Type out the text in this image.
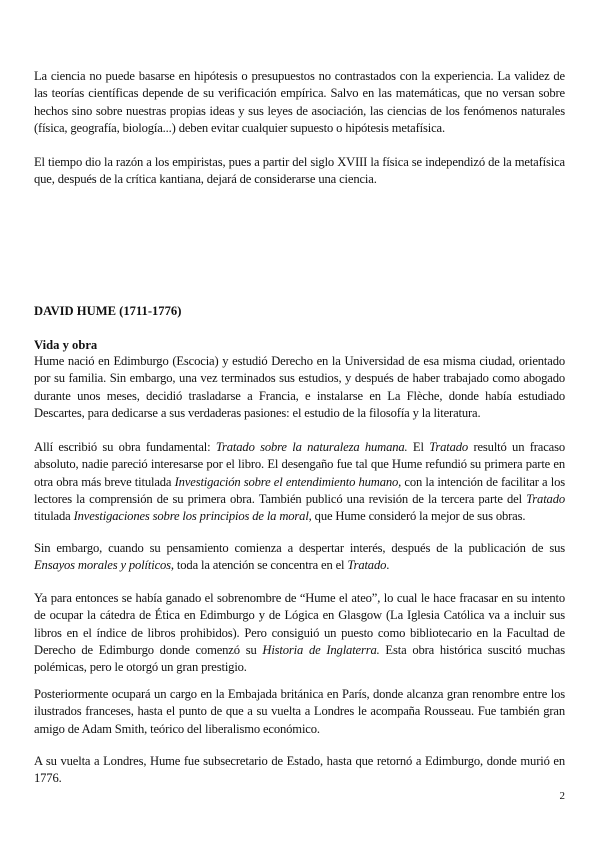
La ciencia no puede basarse en hipótesis o presupuestos no contrastados con la experiencia. La validez de las teorías científicas depende de su verificación empírica. Salvo en las matemáticas, que no versan sobre hechos sino sobre nuestras propias ideas y sus leyes de asociación, las ciencias de los fenómenos naturales (física, geografía, biología...) deben evitar cualquier supuesto o hipótesis metafísica.

El tiempo dio la razón a los empiristas, pues a partir del siglo XVIII la física se independizó de la metafísica que, después de la crítica kantiana, dejará de considerarse una ciencia.

DAVID HUME (1711-1776)

Vida y obra

Hume nació en Edimburgo (Escocia) y estudió Derecho en la Universidad de esa misma ciudad, orientado por su familia. Sin embargo, una vez terminados sus estudios, y después de haber trabajado como abogado durante unos meses, decidió trasladarse a Francia, e instalarse en La Flèche, donde había estudiado Descartes, para dedicarse a sus verdaderas pasiones: el estudio de la filosofía y la literatura.

Allí escribió su obra fundamental: Tratado sobre la naturaleza humana. El Tratado resultó un fracaso absoluto, nadie pareció interesarse por el libro. El desengaño fue tal que Hume refundió su primera parte en otra obra más breve titulada Investigación sobre el entendimiento humano, con la intención de facilitar a los lectores la comprensión de su primera obra. También publicó una revisión de la tercera parte del Tratado titulada Investigaciones sobre los principios de la moral, que Hume consideró la mejor de sus obras.

Sin embargo, cuando su pensamiento comienza a despertar interés, después de la publicación de sus Ensayos morales y políticos, toda la atención se concentra en el Tratado.

Ya para entonces se había ganado el sobrenombre de “Hume el ateo”, lo cual le hace fracasar en su intento de ocupar la cátedra de Ética en Edimburgo y de Lógica en Glasgow (La Iglesia Católica va a incluir sus libros en el índice de libros prohibidos). Pero consiguió un puesto como bibliotecario en la Facultad de Derecho de Edimburgo donde comenzó su Historia de Inglaterra. Esta obra histórica suscitó muchas polémicas, pero le otorgó un gran prestigio.

Posteriormente ocupará un cargo en la Embajada británica en París, donde alcanza gran renombre entre los ilustrados franceses, hasta el punto de que a su vuelta a Londres le acompaña Rousseau. Fue también gran amigo de Adam Smith, teórico del liberalismo económico.

A su vuelta a Londres, Hume fue subsecretario de Estado, hasta que retornó a Edimburgo, donde murió en 1776.

2
